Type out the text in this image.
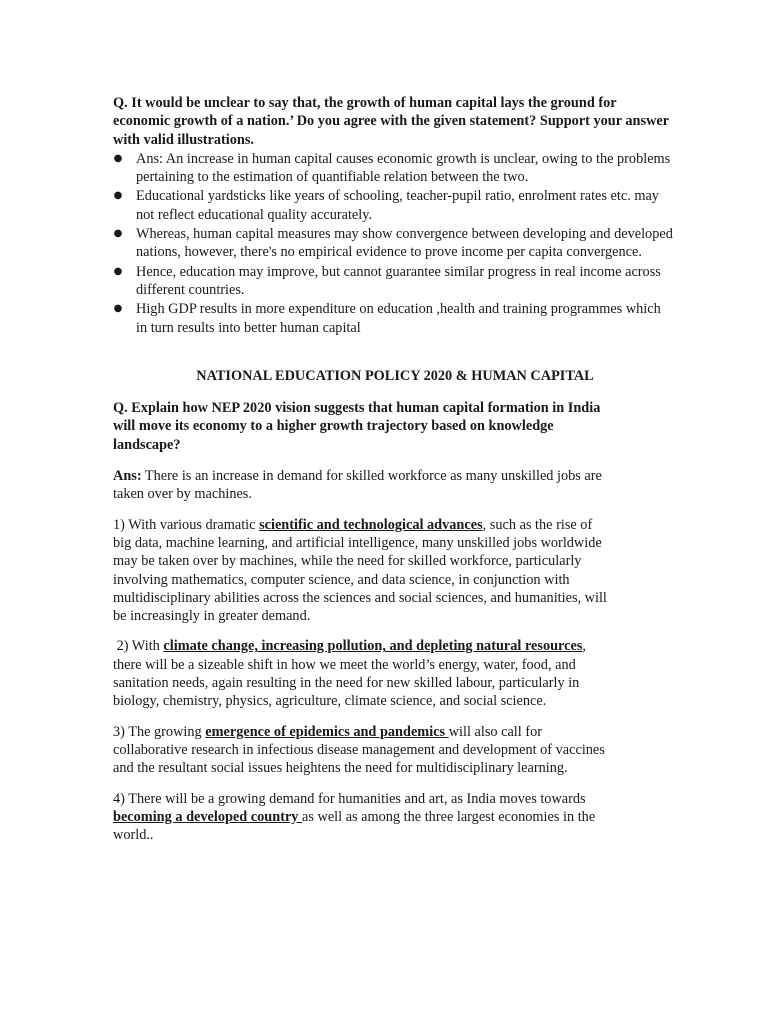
Q. It would be unclear to say that, the growth of human capital lays the ground for economic growth of a nation.’ Do you agree with the given statement? Support your answer with valid illustrations.

● Ans: An increase in human capital causes economic growth is unclear, owing to the problems pertaining to the estimation of quantifiable relation between the two.
● Educational yardsticks like years of schooling, teacher-pupil ratio, enrolment rates etc. may not reflect educational quality accurately.
● Whereas, human capital measures may show convergence between developing and developed nations, however, there's no empirical evidence to prove income per capita convergence.
● Hence, education may improve, but cannot guarantee similar progress in real income across different countries.
● High GDP results in more expenditure on education ,health and training programmes which in turn results into better human capital
NATIONAL EDUCATION POLICY 2020 & HUMAN CAPITAL

Q. Explain how NEP 2020 vision suggests that human capital formation in India will move its economy to a higher growth trajectory based on knowledge landscape?

Ans: There is an increase in demand for skilled workforce as many unskilled jobs are taken over by machines.

1) With various dramatic scientific and technological advances, such as the rise of big data, machine learning, and artificial intelligence, many unskilled jobs worldwide may be taken over by machines, while the need for skilled workforce, particularly involving mathematics, computer science, and data science, in conjunction with multidisciplinary abilities across the sciences and social sciences, and humanities, will be increasingly in greater demand.

2) With climate change, increasing pollution, and depleting natural resources, there will be a sizeable shift in how we meet the world’s energy, water, food, and sanitation needs, again resulting in the need for new skilled labour, particularly in biology, chemistry, physics, agriculture, climate science, and social science.

3) The growing emergence of epidemics and pandemics will also call for collaborative research in infectious disease management and development of vaccines and the resultant social issues heightens the need for multidisciplinary learning.

4) There will be a growing demand for humanities and art, as India moves towards becoming a developed country as well as among the three largest economies in the world..
